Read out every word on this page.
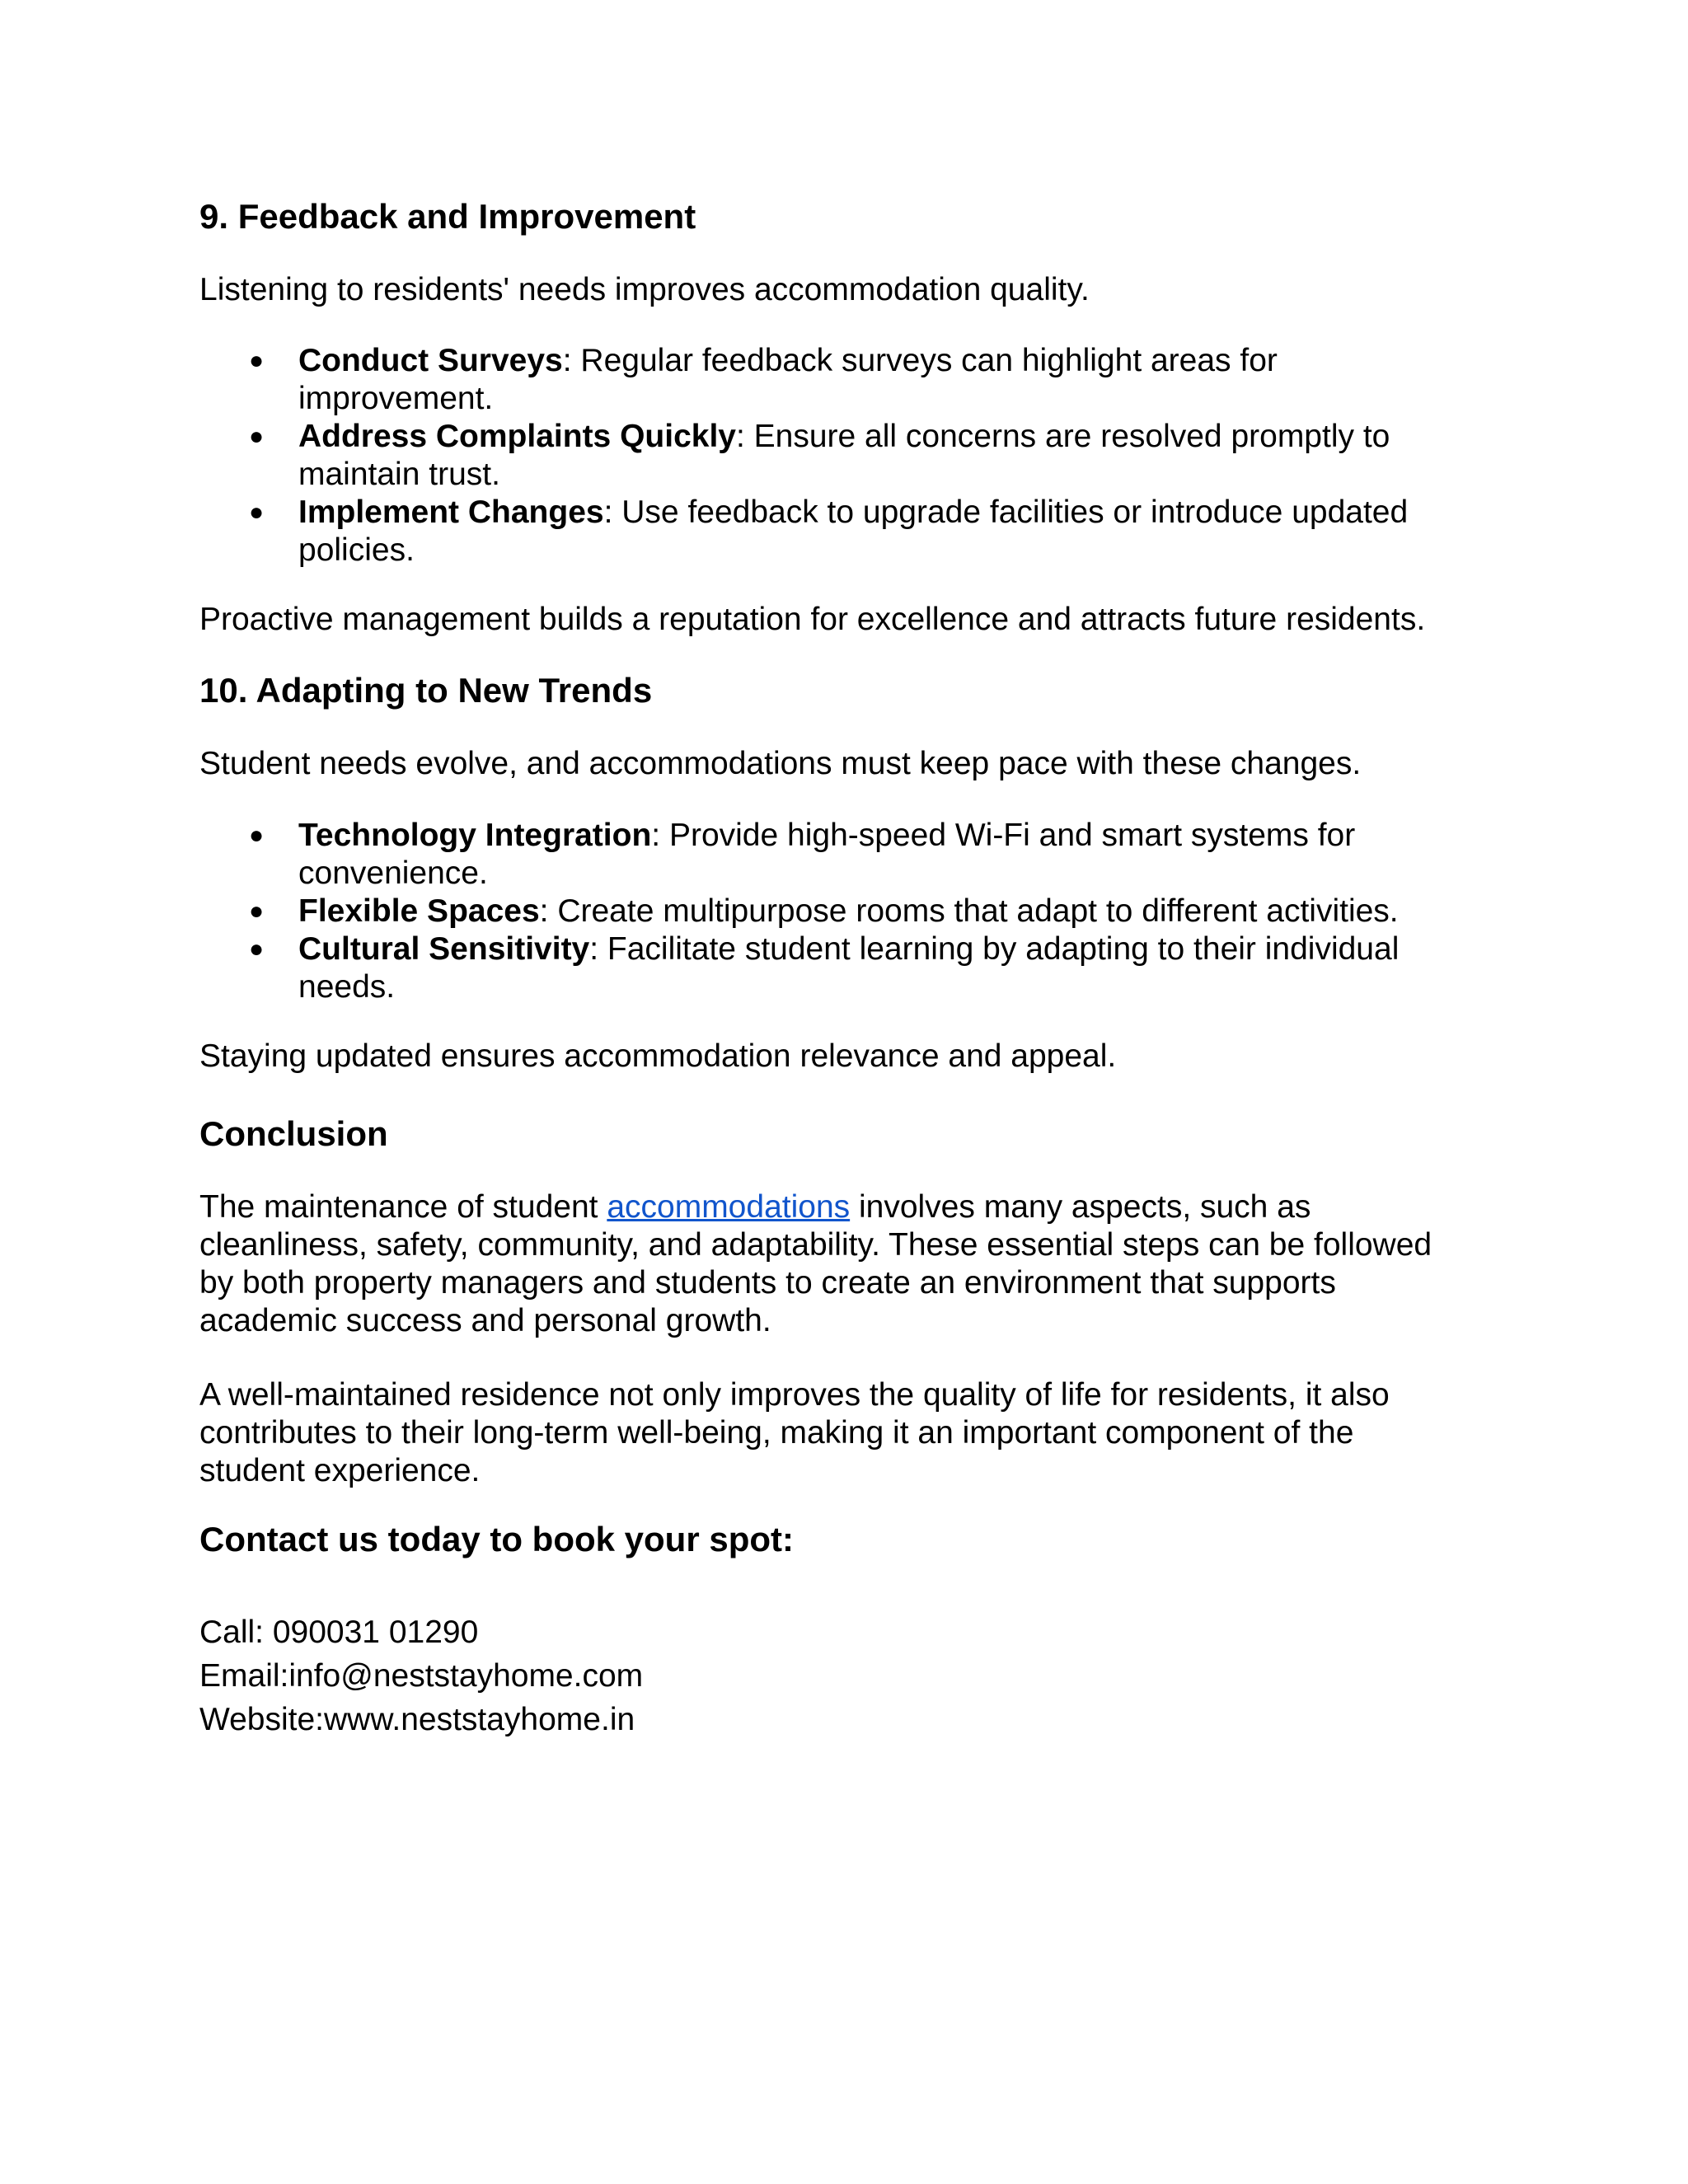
9. Feedback and Improvement

Listening to residents' needs improves accommodation quality.

● Conduct Surveys: Regular feedback surveys can highlight areas for
improvement.
● Address Complaints Quickly: Ensure all concerns are resolved promptly to
maintain trust.
● Implement Changes: Use feedback to upgrade facilities or introduce updated
policies.

Proactive management builds a reputation for excellence and attracts future residents.

10. Adapting to New Trends

Student needs evolve, and accommodations must keep pace with these changes.

● Technology Integration: Provide high-speed Wi-Fi and smart systems for
convenience.
● Flexible Spaces: Create multipurpose rooms that adapt to different activities.
● Cultural Sensitivity: Facilitate student learning by adapting to their individual
needs.

Staying updated ensures accommodation relevance and appeal.

Conclusion

The maintenance of student accommodations involves many aspects, such as
cleanliness, safety, community, and adaptability. These essential steps can be followed
by both property managers and students to create an environment that supports
academic success and personal growth.

A well-maintained residence not only improves the quality of life for residents, it also
contributes to their long-term well-being, making it an important component of the
student experience.

Contact us today to book your spot:

Call: 090031 01290

Email:info@neststayhome.com

Website:www.neststayhome.in
